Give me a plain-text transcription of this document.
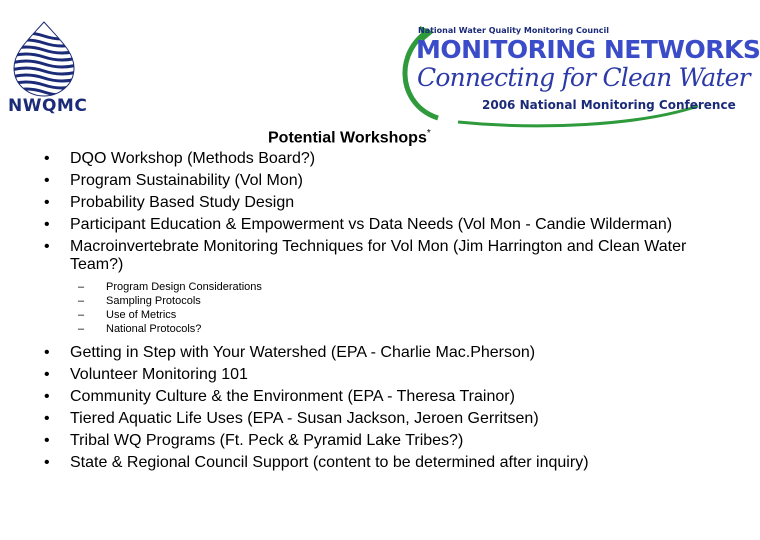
NWQMC
National Water Quality Monitoring Council
MONITORING NETWORKS
Connecting for Clean Water
2006 National Monitoring Conference
Potential Workshops*
• DQO Workshop (Methods Board?)
• Program Sustainability (Vol Mon)
• Probability Based Study Design
• Participant Education & Empowerment vs Data Needs (Vol Mon - Candie Wilderman)
• Macroinvertebrate Monitoring Techniques for Vol Mon (Jim Harrington and Clean Water Team?)
– Program Design Considerations
– Sampling Protocols
– Use of Metrics
– National Protocols?
• Getting in Step with Your Watershed (EPA - Charlie Mac.Pherson)
• Volunteer Monitoring 101
• Community Culture & the Environment (EPA - Theresa Trainor)
• Tiered Aquatic Life Uses (EPA - Susan Jackson, Jeroen Gerritsen)
• Tribal WQ Programs (Ft. Peck & Pyramid Lake Tribes?)
• State & Regional Council Support (content to be determined after inquiry)
